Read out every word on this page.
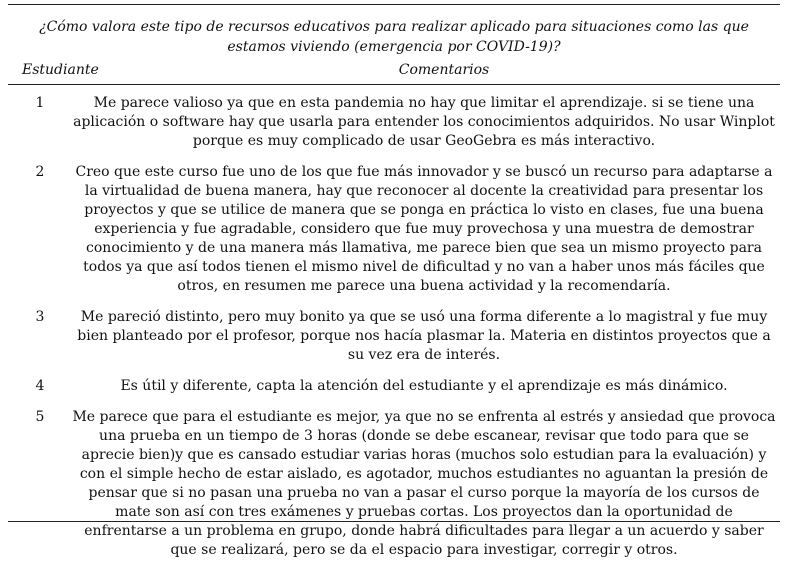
¿Cómo valora este tipo de recursos educativos para realizar aplicado para situaciones como las que estamos viviendo (emergencia por COVID-19)?
Estudiante	Comentarios
1	Me parece valioso ya que en esta pandemia no hay que limitar el aprendizaje. si se tiene una aplicación o software hay que usarla para entender los conocimientos adquiridos. No usar Winplot porque es muy complicado de usar GeoGebra es más interactivo.
2	Creo que este curso fue uno de los que fue más innovador y se buscó un recurso para adaptarse a la virtualidad de buena manera, hay que reconocer al docente la creatividad para presentar los proyectos y que se utilice de manera que se ponga en práctica lo visto en clases, fue una buena experiencia y fue agradable, considero que fue muy provechosa y una muestra de demostrar conocimiento y de una manera más llamativa, me parece bien que sea un mismo proyecto para todos ya que así todos tienen el mismo nivel de dificultad y no van a haber unos más fáciles que otros, en resumen me parece una buena actividad y la recomendaría.
3	Me pareció distinto, pero muy bonito ya que se usó una forma diferente a lo magistral y fue muy bien planteado por el profesor, porque nos hacía plasmar la. Materia en distintos proyectos que a su vez era de interés.
4	Es útil y diferente, capta la atención del estudiante y el aprendizaje es más dinámico.
5	Me parece que para el estudiante es mejor, ya que no se enfrenta al estrés y ansiedad que provoca una prueba en un tiempo de 3 horas (donde se debe escanear, revisar que todo para que se aprecie bien)y que es cansado estudiar varias horas (muchos solo estudian para la evaluación) y con el simple hecho de estar aislado, es agotador, muchos estudiantes no aguantan la presión de pensar que si no pasan una prueba no van a pasar el curso porque la mayoría de los cursos de mate son así con tres exámenes y pruebas cortas. Los proyectos dan la oportunidad de enfrentarse a un problema en grupo, donde habrá dificultades para llegar a un acuerdo y saber que se realizará, pero se da el espacio para investigar, corregir y otros.
